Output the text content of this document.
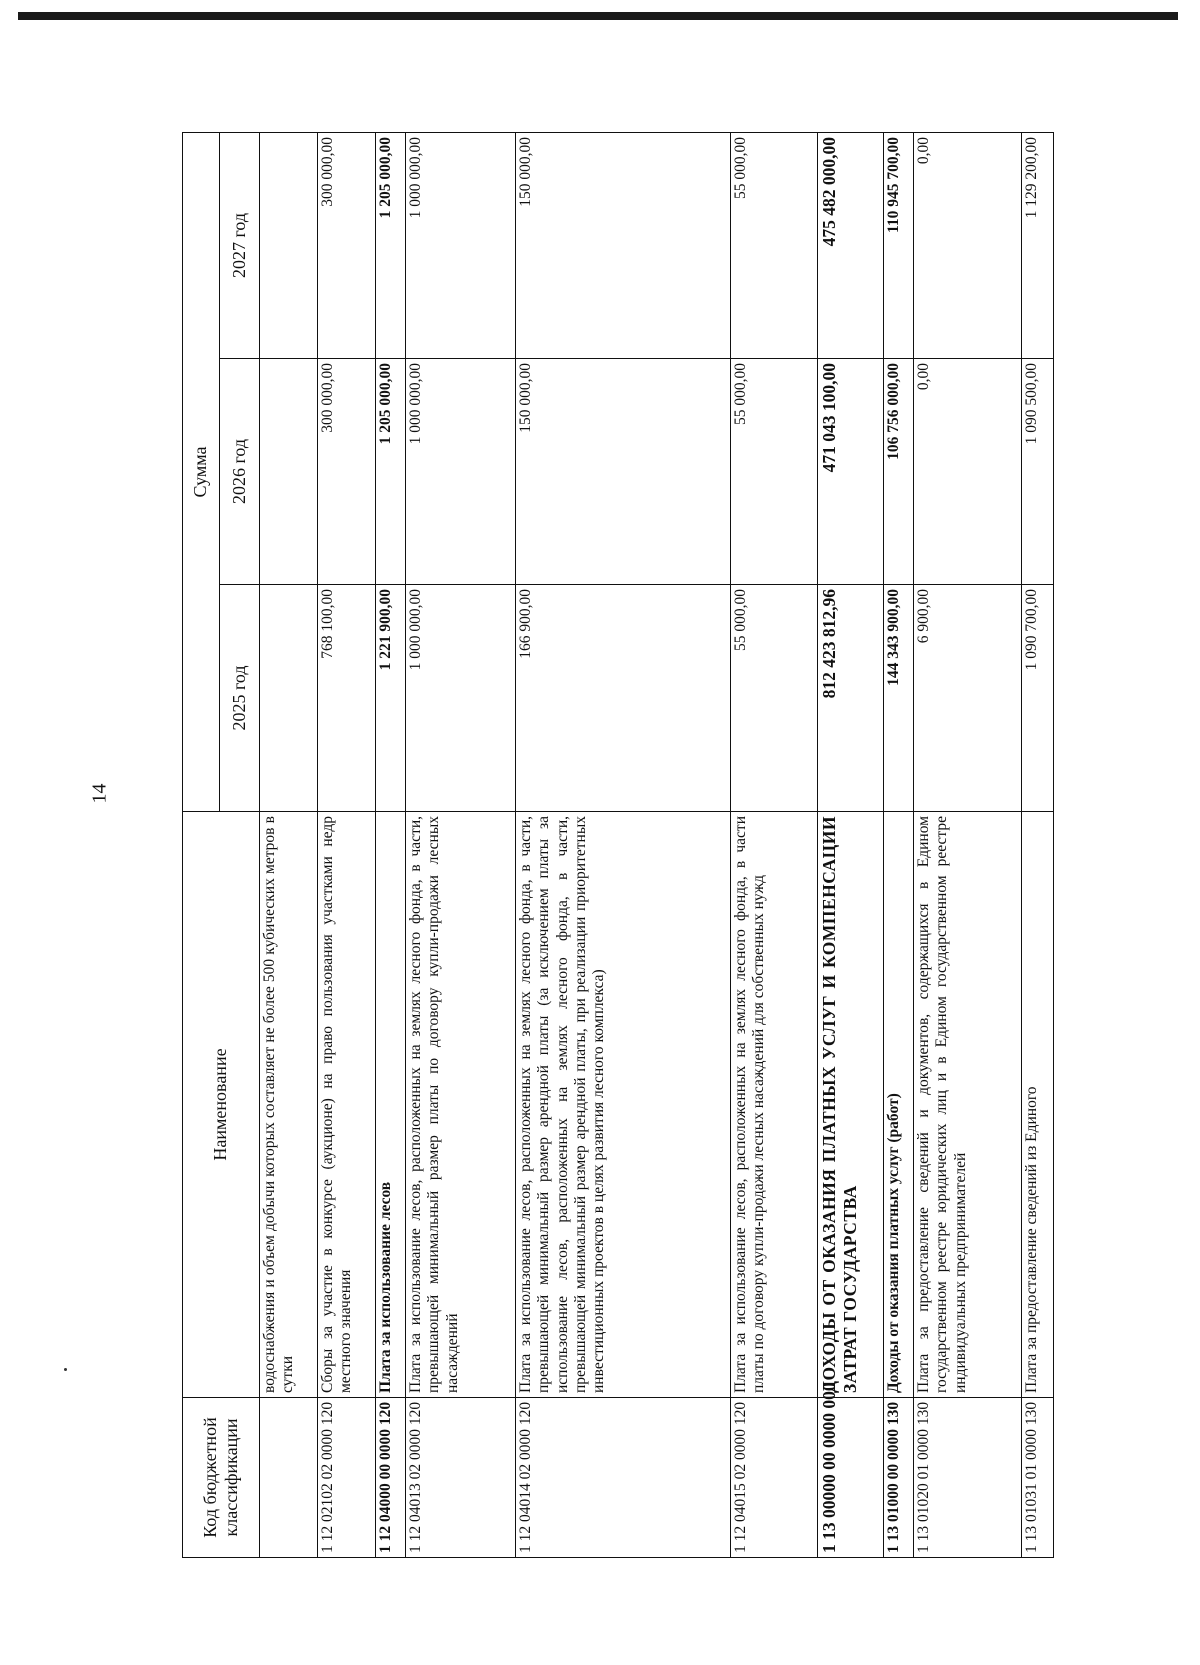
14
Код бюджетной классификации	Наименование	Сумма		
		2025 год	2026 год	2027 год
	водоснабжения и объем добычи которых составляет не более 500 кубических метров в сутки			
1 12 02102 02 0000 120	Сборы за участие в конкурсе (аукционе) на право пользования участками недр местного значения	768 100,00	300 000,00	300 000,00
1 12 04000 00 0000 120	Плата за использование лесов	1 221 900,00	1 205 000,00	1 205 000,00
1 12 04013 02 0000 120	Плата за использование лесов, расположенных на землях лесного фонда, в части, превышающей минимальный размер платы по договору купли-продажи лесных насаждений	1 000 000,00	1 000 000,00	1 000 000,00
1 12 04014 02 0000 120	Плата за использование лесов, расположенных на землях лесного фонда, в части, превышающей минимальный размер арендной платы (за исключением платы за использование лесов, расположенных на землях лесного фонда, в части, превышающей минимальный размер арендной платы, при реализации приоритетных инвестиционных проектов в целях развития лесного комплекса)	166 900,00	150 000,00	150 000,00
1 12 04015 02 0000 120	Плата за использование лесов, расположенных на землях лесного фонда, в части платы по договору купли-продажи лесных насаждений для собственных нужд	55 000,00	55 000,00	55 000,00
1 13 00000 00 0000 000	ДОХОДЫ ОТ ОКАЗАНИЯ ПЛАТНЫХ УСЛУГ И КОМПЕНСАЦИИ ЗАТРАТ ГОСУДАРСТВА	812 423 812,96	471 043 100,00	475 482 000,00
1 13 01000 00 0000 130	Доходы от оказания платных услуг (работ)	144 343 900,00	106 756 000,00	110 945 700,00
1 13 01020 01 0000 130	Плата за предоставление сведений и документов, содержащихся в Едином государственном реестре юридических лиц и в Едином государственном реестре индивидуальных предпринимателей	6 900,00	0,00	0,00
1 13 01031 01 0000 130	Плата за предоставление сведений из Единого	1 090 700,00	1 090 500,00	1 129 200,00
